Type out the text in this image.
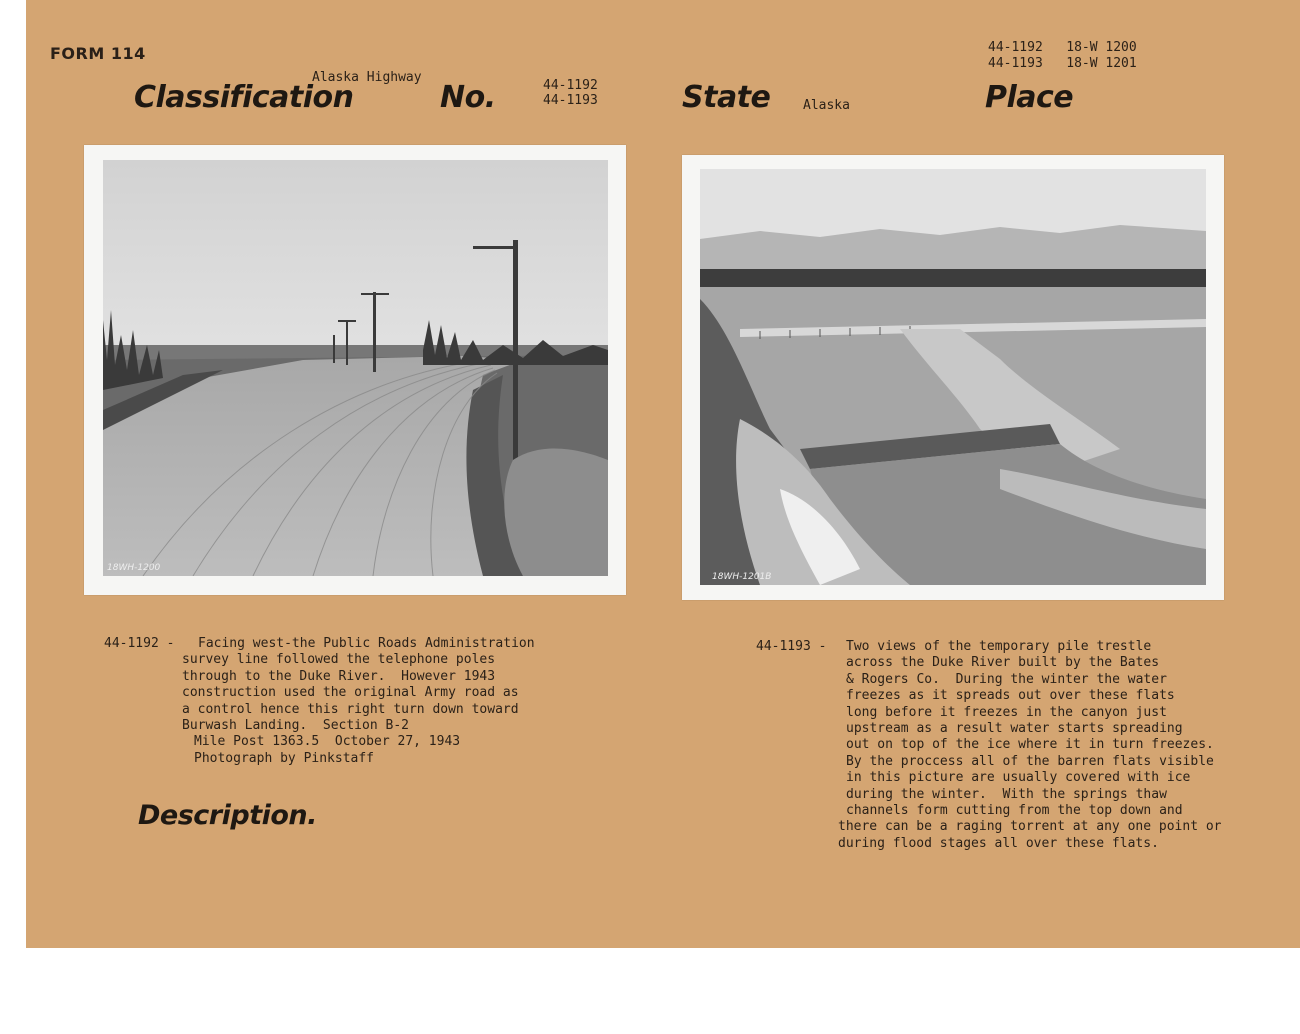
FORM 114
Alaska Highway
Classification	No.	44-1192
44-1193	State	Alaska
44-1192   18-W 1200
44-1193   18-W 1201
Place
18WH-1200
18WH-1201B
44-1192 - Facing west-the Public Roads Administration
survey line followed the telephone poles
through to the Duke River.  However 1943
construction used the original Army road as
a control hence this right turn down toward
Burwash Landing.  Section B-2
Mile Post 1363.5  October 27, 1943
Photograph by Pinkstaff
Description.
44-1193 - Two views of the temporary pile trestle
across the Duke River built by the Bates
& Rogers Co.  During the winter the water
freezes as it spreads out over these flats
long before it freezes in the canyon just
upstream as a result water starts spreading
out on top of the ice where it in turn freezes.
By the proccess all of the barren flats visible
in this picture are usually covered with ice
during the winter.  With the springs thaw
channels form cutting from the top down and
there can be a raging torrent at any one point or
during flood stages all over these flats.
